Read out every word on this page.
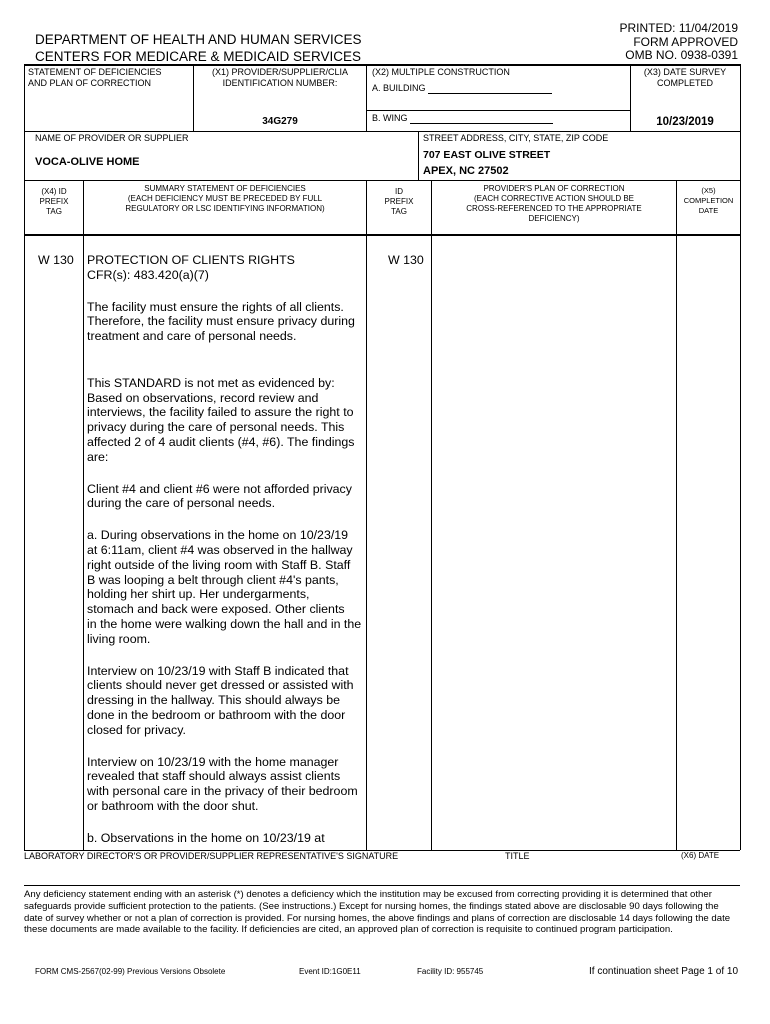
DEPARTMENT OF HEALTH AND HUMAN SERVICES
CENTERS FOR MEDICARE & MEDICAID SERVICES
PRINTED: 11/04/2019
FORM APPROVED
OMB NO. 0938-0391
STATEMENT OF DEFICIENCIES
AND PLAN OF CORRECTION
(X1) PROVIDER/SUPPLIER/CLIA
IDENTIFICATION NUMBER:
34G279
(X2) MULTIPLE CONSTRUCTION
A. BUILDING
B. WING
(X3) DATE SURVEY
COMPLETED
10/23/2019
NAME OF PROVIDER OR SUPPLIER
VOCA-OLIVE HOME
STREET ADDRESS, CITY, STATE, ZIP CODE
707 EAST OLIVE STREET
APEX, NC 27502
(X4) ID
PREFIX
TAG
SUMMARY STATEMENT OF DEFICIENCIES
(EACH DEFICIENCY MUST BE PRECEDED BY FULL
REGULATORY OR LSC IDENTIFYING INFORMATION)
ID
PREFIX
TAG
PROVIDER'S PLAN OF CORRECTION
(EACH CORRECTIVE ACTION SHOULD BE
CROSS-REFERENCED TO THE APPROPRIATE
DEFICIENCY)
(X5)
COMPLETION
DATE
W 130	W 130

PROTECTION OF CLIENTS RIGHTS
CFR(s): 483.420(a)(7)

The facility must ensure the rights of all clients.
Therefore, the facility must ensure privacy during
treatment and care of personal needs.

This STANDARD is not met as evidenced by:
Based on observations, record review and
interviews, the facility failed to assure the right to
privacy during the care of personal needs. This
affected 2 of 4 audit clients (#4, #6). The findings
are:

Client #4 and client #6 were not afforded privacy
during the care of personal needs.

a. During observations in the home on 10/23/19
at 6:11am, client #4 was observed in the hallway
right outside of the living room with Staff B. Staff
B was looping a belt through client #4's pants,
holding her shirt up. Her undergarments,
stomach and back were exposed. Other clients
in the home were walking down the hall and in the
living room.

Interview on 10/23/19 with Staff B indicated that
clients should never get dressed or assisted with
dressing in the hallway. This should always be
done in the bedroom or bathroom with the door
closed for privacy.

Interview on 10/23/19 with the home manager
revealed that staff should always assist clients
with personal care in the privacy of their bedroom
or bathroom with the door shut.

b. Observations in the home on 10/23/19 at

LABORATORY DIRECTOR'S OR PROVIDER/SUPPLIER REPRESENTATIVE'S SIGNATURE	TITLE	(X6) DATE
Any deficiency statement ending with an asterisk (*) denotes a deficiency which the institution may be excused from correcting providing it is determined that other safeguards provide sufficient protection to the patients. (See instructions.) Except for nursing homes, the findings stated above are disclosable 90 days following the date of survey whether or not a plan of correction is provided. For nursing homes, the above findings and plans of correction are disclosable 14 days following the date these documents are made available to the facility. If deficiencies are cited, an approved plan of correction is requisite to continued program participation.
FORM CMS-2567(02-99) Previous Versions Obsolete	Event ID:1G0E11	Facility ID: 955745	If continuation sheet Page 1 of 10
